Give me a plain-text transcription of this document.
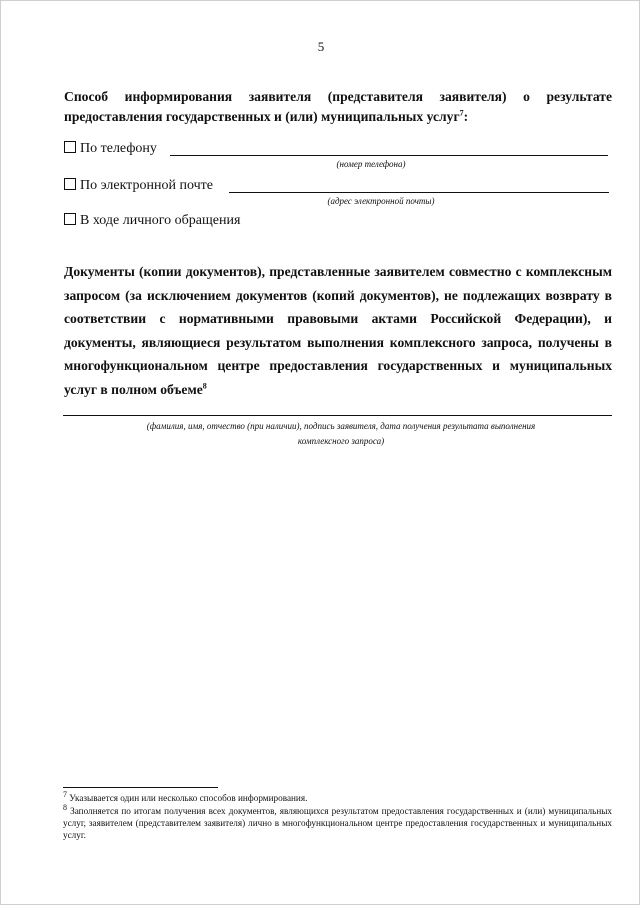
5
Способ информирования заявителя (представителя заявителя) о результате предоставления государственных и (или) муниципальных услуг$^7$:
По телефону
(номер телефона)
По электронной почте
(адрес электронной почты)
В ходе личного обращения
Документы (копии документов), представленные заявителем совместно с комплексным запросом (за исключением документов (копий документов), не подлежащих возврату в соответствии с нормативными правовыми актами Российской Федерации), и документы, являющиеся результатом выполнения комплексного запроса, получены в многофункциональном центре предоставления государственных и муниципальных услуг в полном объеме$^8$
(фамилия, имя, отчество (при наличии), подпись заявителя, дата получения результата выполнения
комплексного запроса)
$^7$ Указывается один или несколько способов информирования.
$^8$ Заполняется по итогам получения всех документов, являющихся результатом предоставления государственных и (или) муниципальных услуг, заявителем (представителем заявителя) лично в многофункциональном центре предоставления государственных и муниципальных услуг.
